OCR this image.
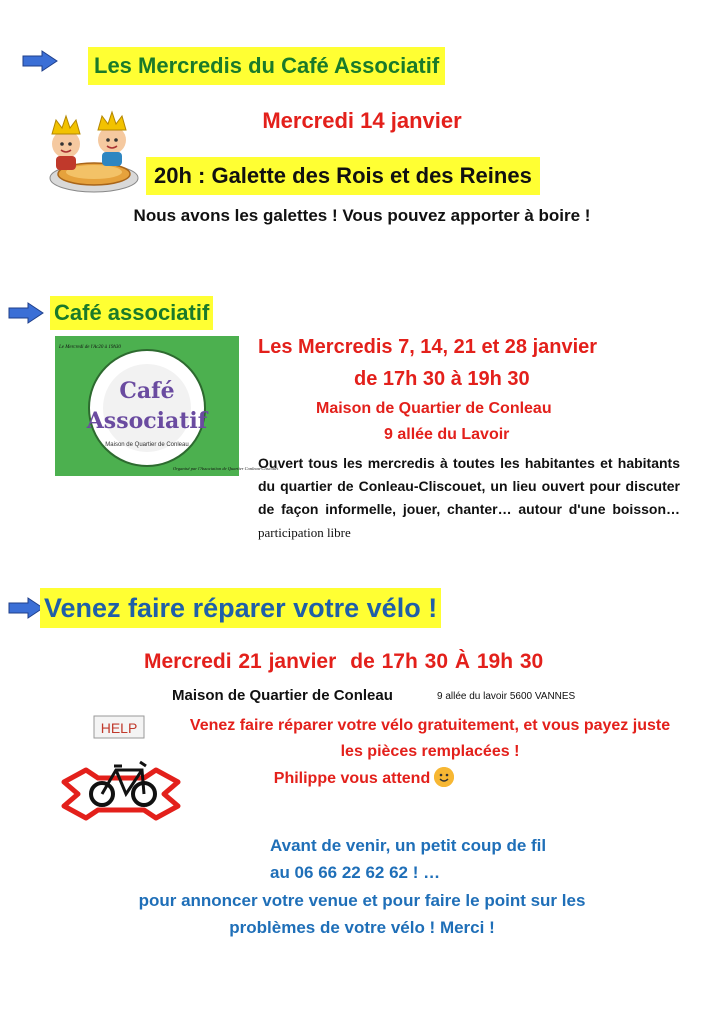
Les Mercredis du Café Associatif
Mercredi 14 janvier
20h : Galette des Rois et des Reines
Nous avons les galettes ! Vous pouvez apporter à boire !
Café associatif
Café
Associatif
Maison de Quartier de Conleau
Le Mercredi de l'Ac20 à 19h30
Organisé par l'Association de Quartier Conleau-Cliscouet
Les Mercredis 7, 14, 21 et 28 janvier
de 17h 30 à 19h 30
Maison de Quartier de Conleau
9 allée du Lavoir
Ouvert tous les mercredis à toutes les habitantes et habitants du quartier de Conleau-Cliscouet, un lieu ouvert pour discuter de façon informelle, jouer, chanter… autour d'une boisson… participation libre
Venez faire réparer votre vélo !
Mercredi 21 janvier de 17h 30 À 19h 30
Maison de Quartier de Conleau	9 allée du lavoir 5600 VANNES
HELP	Venez faire réparer votre vélo gratuitement, et vous payez juste les pièces remplacées !
Philippe vous attend
Avant de venir, un petit coup de fil
au 06 66 22 62 62 ! …
pour annoncer votre venue et pour faire le point sur les
problèmes de votre vélo ! Merci !
